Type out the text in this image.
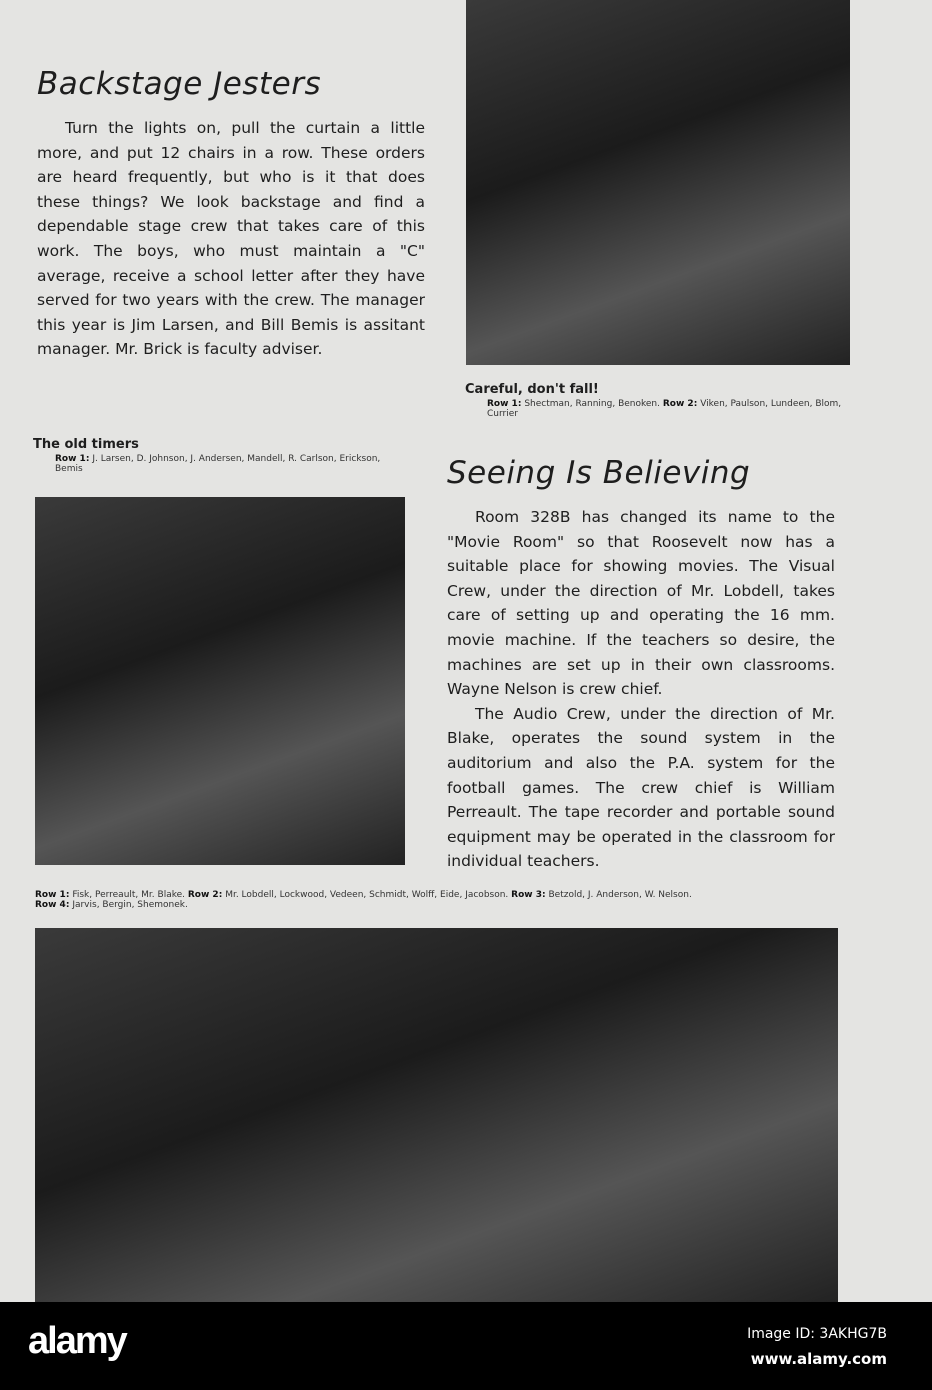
Backstage Jesters

Turn the lights on, pull the curtain a little more, and put 12 chairs in a row. These orders are heard frequently, but who is it that does these things? We look backstage and find a dependable stage crew that takes care of this work. The boys, who must maintain a "C" average, receive a school letter after they have served for two years with the crew. The manager this year is Jim Larsen, and Bill Bemis is assitant manager. Mr. Brick is faculty adviser.

Careful, don't fall!
Row 1: Shectman, Ranning, Benoken. Row 2: Viken, Paulson, Lundeen, Blom, Currier
The old timers
Row 1: J. Larsen, D. Johnson, J. Andersen, Mandell, R. Carlson, Erickson, Bemis	Seeing Is Believing

Room 328B has changed its name to the "Movie Room" so that Roosevelt now has a suitable place for showing movies. The Visual Crew, under the direction of Mr. Lobdell, takes care of setting up and operating the 16 mm. movie machine. If the teachers so desire, the machines are set up in their own classrooms. Wayne Nelson is crew chief.

The Audio Crew, under the direction of Mr. Blake, operates the sound system in the auditorium and also the P.A. system for the football games. The crew chief is William Perreault. The tape recorder and portable sound equipment may be operated in the classroom for individual teachers.

Row 1: Fisk, Perreault, Mr. Blake. Row 2: Mr. Lobdell, Lockwood, Vedeen, Schmidt, Wolff, Eide, Jacobson. Row 3: Betzold, J. Anderson, W. Nelson.
Row 4: Jarvis, Bergin, Shemonek.
alamy	Image ID: 3AKHG7B
www.alamy.com
